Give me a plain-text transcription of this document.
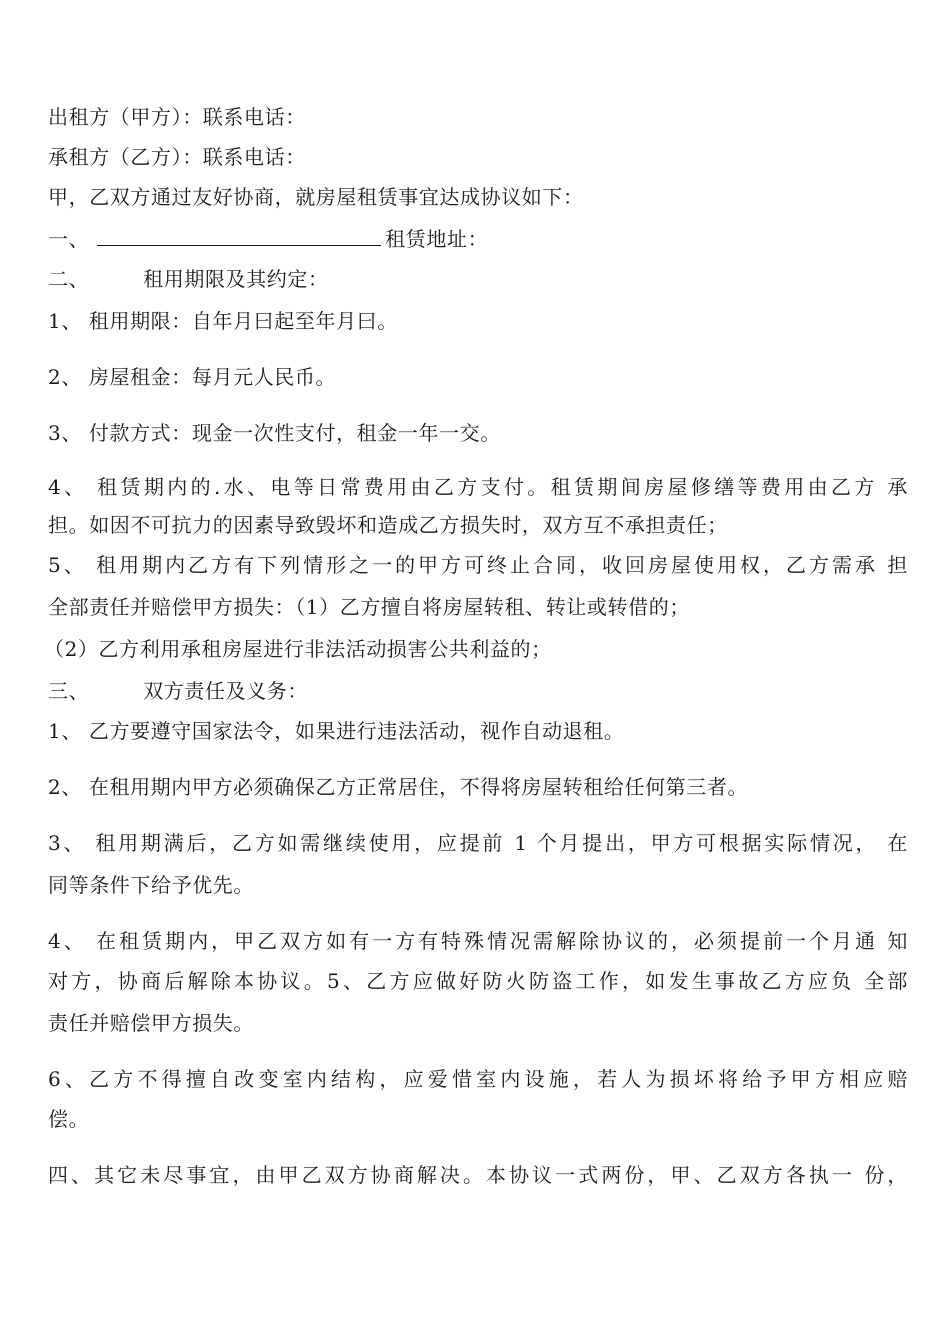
出租方（甲方）：联系电话：
承租方（乙方）：联系电话：
甲，乙双方通过友好协商，就房屋租赁事宜达成协议如下：
一、	租赁地址：
二、	租用期限及其约定：
1、 租用期限：自年月曰起至年月曰。
2、 房屋租金：每月元人民币。
3、 付款方式：现金一次性支付，租金一年一交。
4、 租赁期内的.水、电等日常费用由乙方支付。租赁期间房屋修缮等费用由乙方 承
担。如因不可抗力的因素导致毁坏和造成乙方损失时，双方互不承担责任；
5、 租用期内乙方有下列情形之一的甲方可终止合同，收回房屋使用权，乙方需承 担
全部责任并赔偿甲方损失：（1）乙方擅自将房屋转租、转让或转借的；
（2）乙方利用承租房屋进行非法活动损害公共利益的；
三、	双方责任及义务：
1、 乙方要遵守国家法令，如果进行违法活动，视作自动退租。
2、 在租用期内甲方必须确保乙方正常居住，不得将房屋转租给任何第三者。
3、 租用期满后，乙方如需继续使用，应提前 1 个月提出，甲方可根据实际情况， 在
同等条件下给予优先。
4、 在租赁期内，甲乙双方如有一方有特殊情况需解除协议的，必须提前一个月通 知
对方，协商后解除本协议。5、乙方应做好防火防盗工作，如发生事故乙方应负 全部
责任并赔偿甲方损失。
6、乙方不得擅自改变室内结构，应爱惜室内设施，若人为损坏将给予甲方相应赔
偿。
四、其它未尽事宜，由甲乙双方协商解决。本协议一式两份，甲、乙双方各执一 份，
